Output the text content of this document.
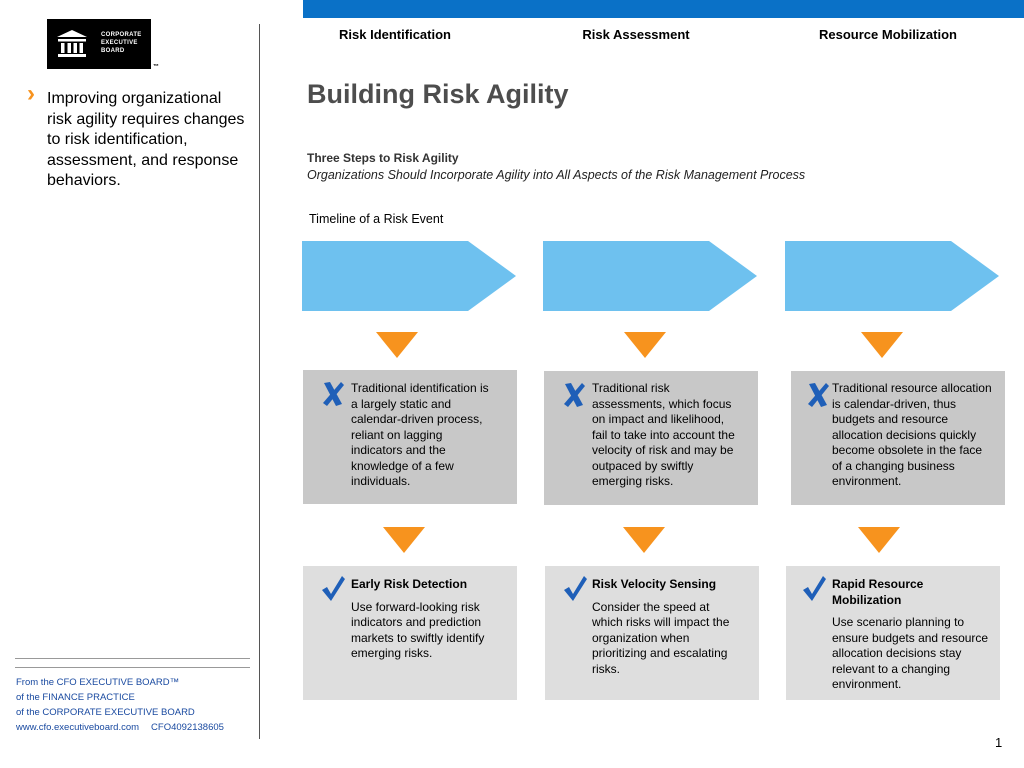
CORPORATE
EXECUTIVE
BOARD
™
› Improving organizational risk agility requires changes to risk identification, assessment, and response behaviors.
From the CFO EXECUTIVE BOARD™
of the FINANCE PRACTICE
of the CORPORATE EXECUTIVE BOARD
www.cfo.executiveboard.com CFO4092138605
Building Risk Agility
Three Steps to Risk Agility
Organizations Should Incorporate Agility into All Aspects of the Risk Management Process
Timeline of a Risk Event
Risk Identification	Risk Assessment	Resource Mobilization
Traditional identification is a largely static and calendar-driven process, reliant on lagging indicators and the knowledge of a few individuals.
Traditional risk assessments, which focus on impact and likelihood, fail to take into account the velocity of risk and may be outpaced by swiftly emerging risks.
Traditional resource allocation is calendar-driven, thus budgets and resource allocation decisions quickly become obsolete in the face of a changing business environment.
Early Risk Detection
Use forward-looking risk indicators and prediction markets to swiftly identify emerging risks.
Risk Velocity Sensing
Consider the speed at which risks will impact the organization when prioritizing and escalating risks.
Rapid Resource Mobilization
Use scenario planning to ensure budgets and resource allocation decisions stay relevant to a changing environment.
1
